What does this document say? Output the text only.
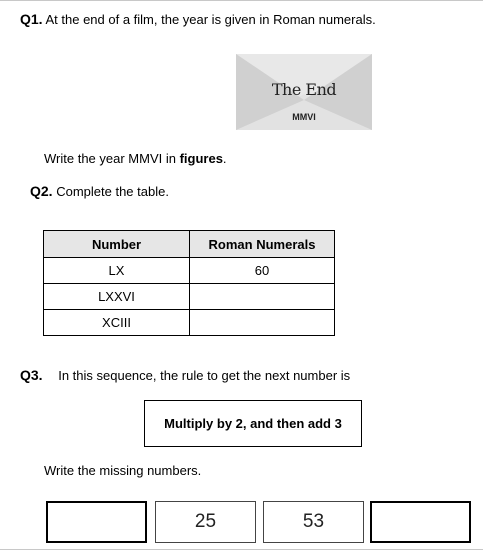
Q1. At the end of a film, the year is given in Roman numerals.
The End
MMVI
Write the year MMVI in figures.
Q2. Complete the table.
Number	Roman Numerals
LX	60
LXXVI	
XCIII	
Q3. In this sequence, the rule to get the next number is
Multiply by 2, and then add 3
Write the missing numbers.
25	53
